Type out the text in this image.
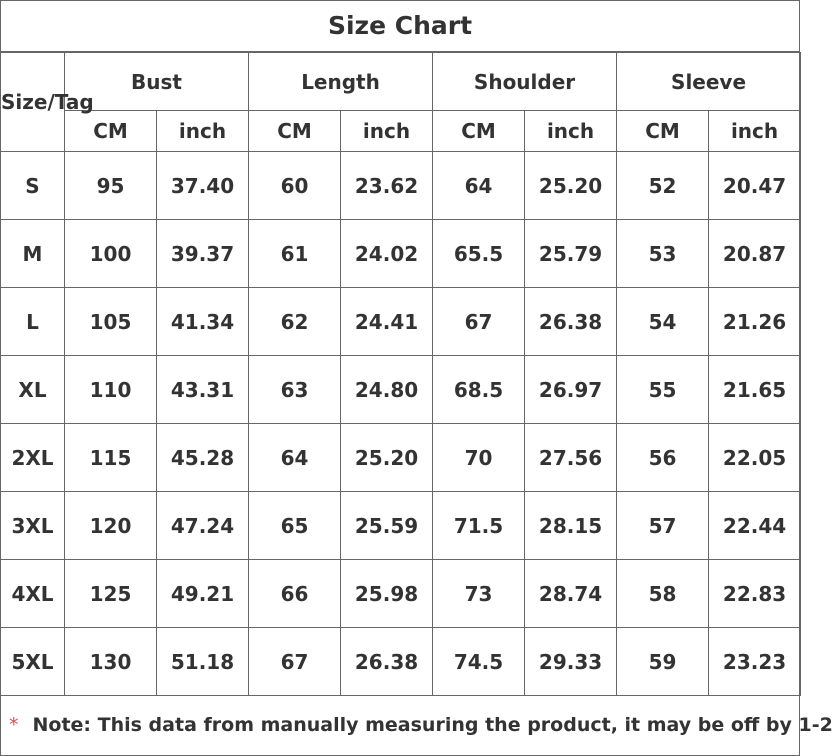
Size Chart
Size/Tag	Bust		Length		Shoulder		Sleeve	
	CM	inch	CM	inch	CM	inch	CM	inch
S	95	37.40	60	23.62	64	25.20	52	20.47
M	100	39.37	61	24.02	65.5	25.79	53	20.87
L	105	41.34	62	24.41	67	26.38	54	21.26
XL	110	43.31	63	24.80	68.5	26.97	55	21.65
2XL	115	45.28	64	25.20	70	27.56	56	22.05
3XL	120	47.24	65	25.59	71.5	28.15	57	22.44
4XL	125	49.21	66	25.98	73	28.74	58	22.83
5XL	130	51.18	67	26.38	74.5	29.33	59	23.23
* Note: This data from manually measuring the product, it may be off by 1-2
